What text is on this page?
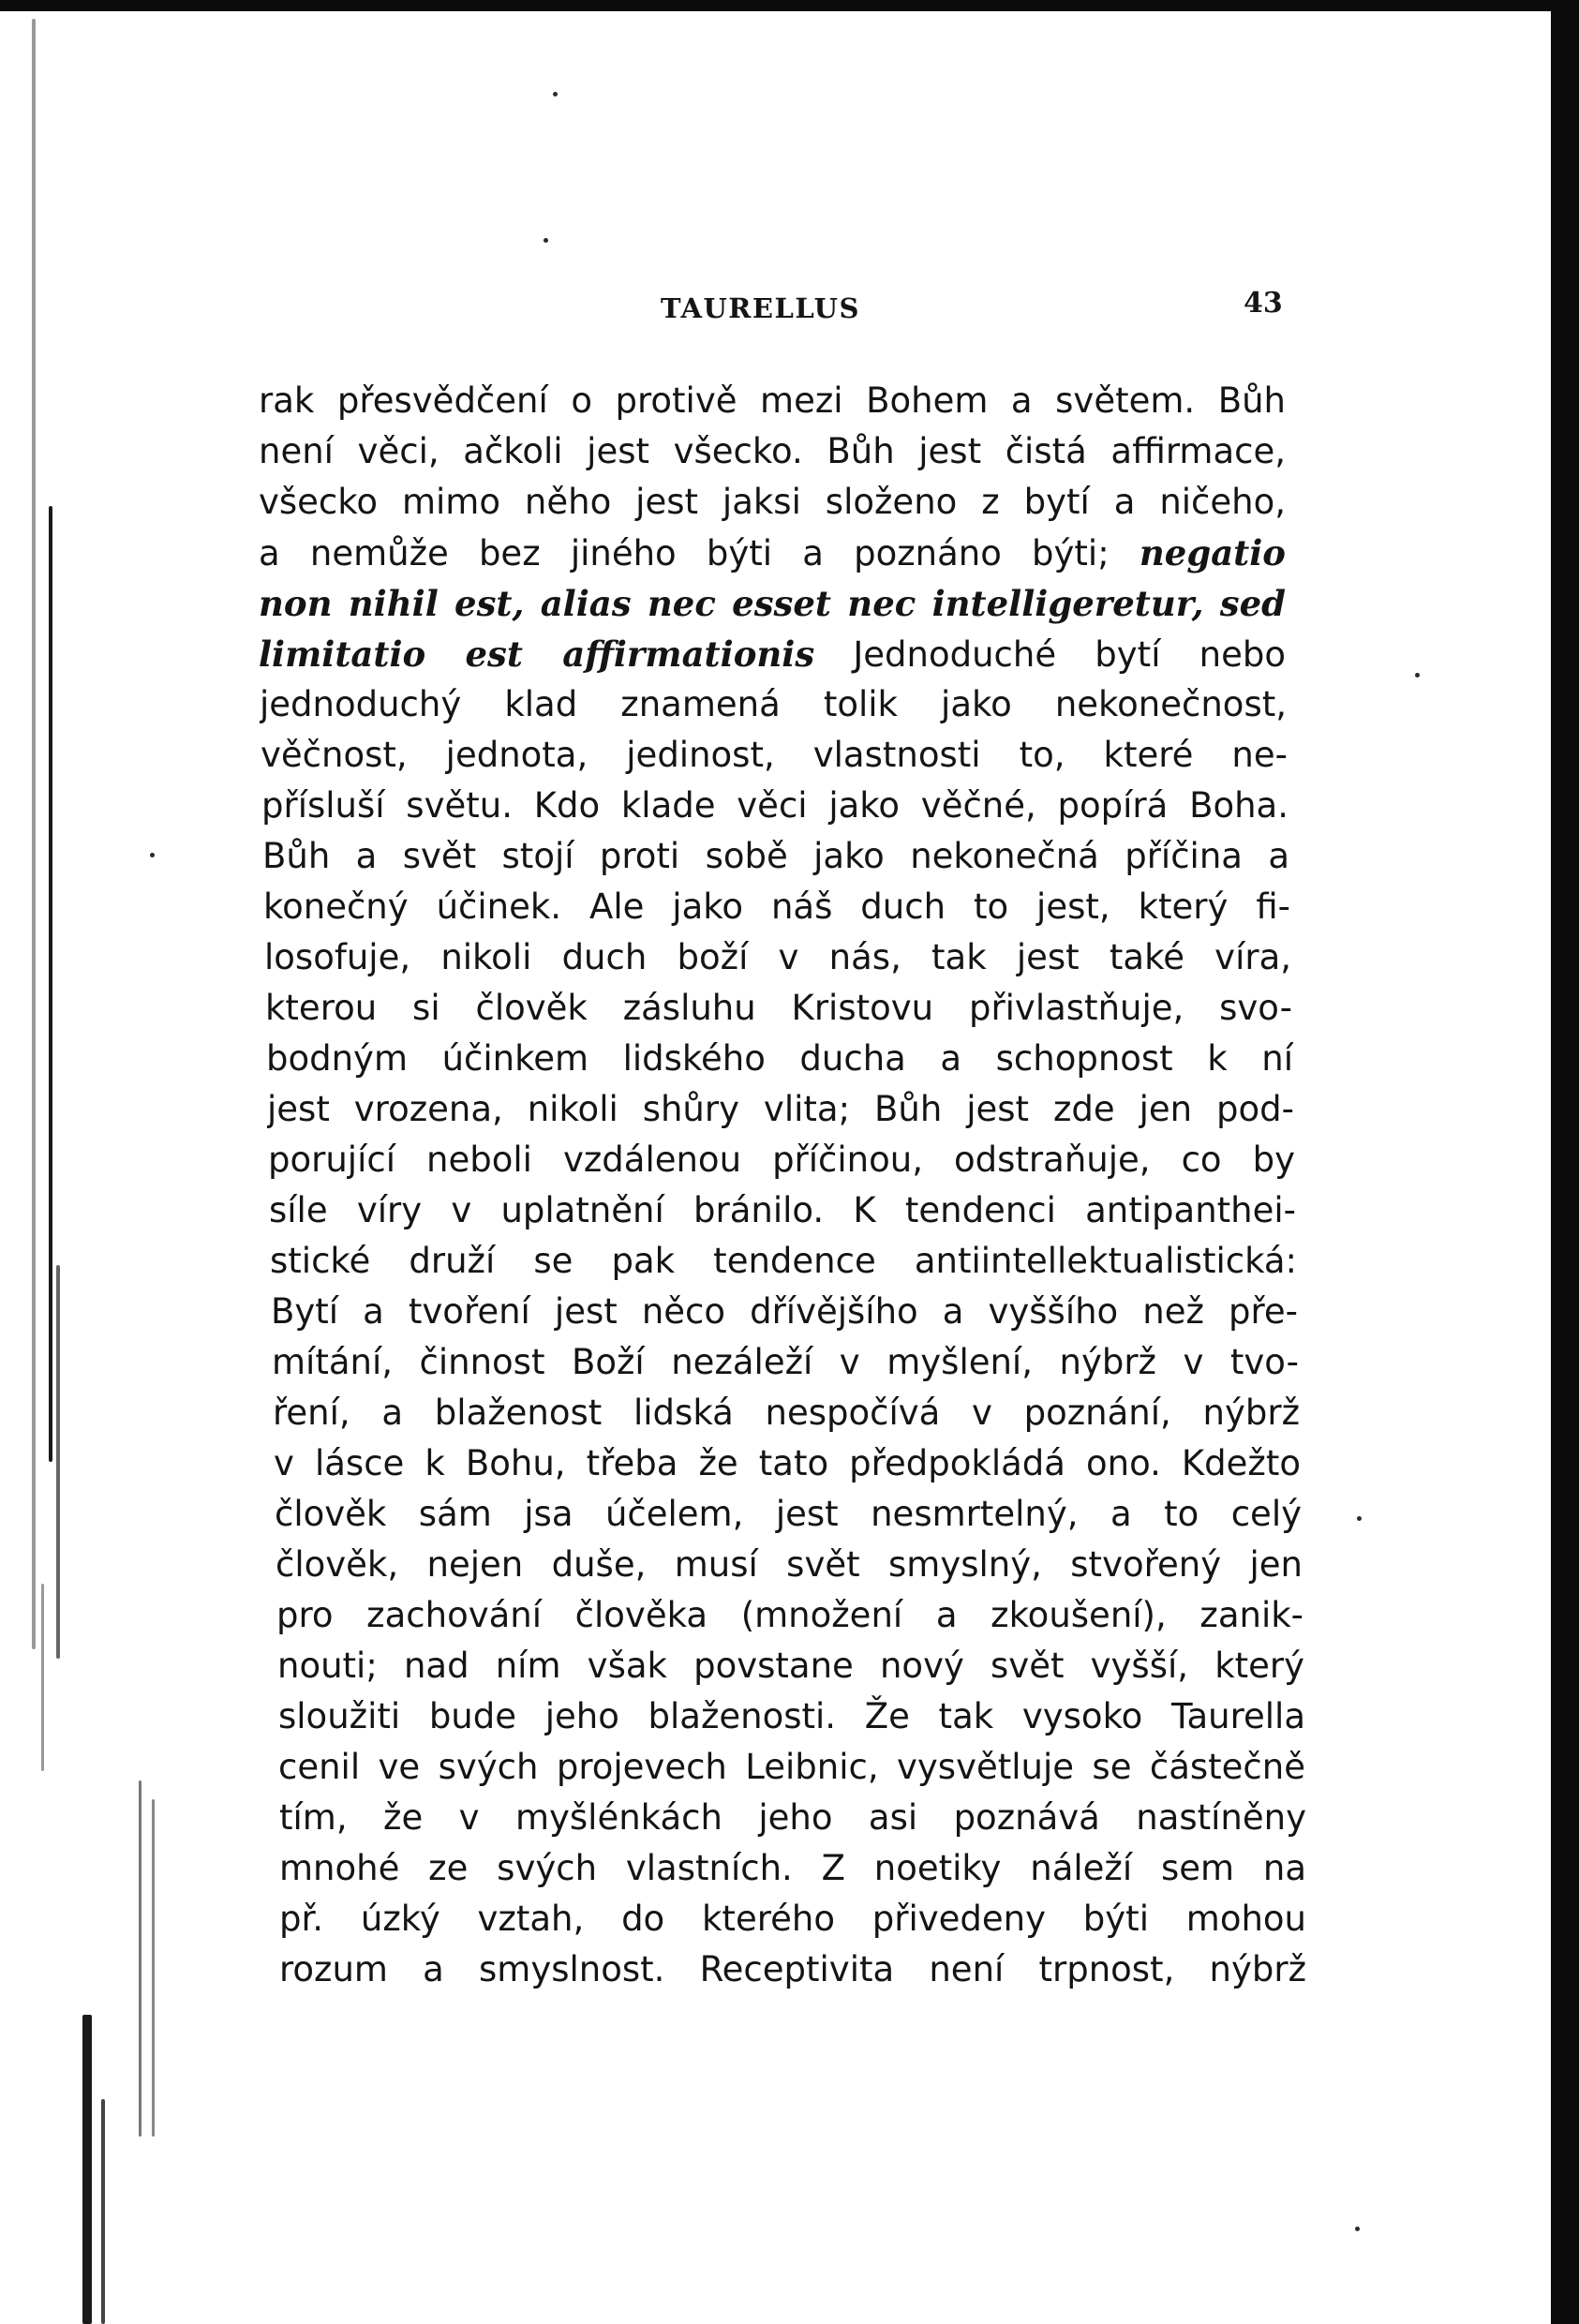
TAURELLUS	43
rak přesvědčení o protivě mezi Bohem a světem. Bůh
není věci, ačkoli jest všecko. Bůh jest čistá affirmace,
všecko mimo něho jest jaksi složeno z bytí a ničeho,
a nemůže bez jiného býti a poznáno býti; negatio
non nihil est, alias nec esset nec intelligeretur, sed
limitatio est affirmationis Jednoduché bytí nebo
jednoduchý klad znamená tolik jako nekonečnost,
věčnost, jednota, jedinost, vlastnosti to, které ne-
přísluší světu. Kdo klade věci jako věčné, popírá Boha.
Bůh a svět stojí proti sobě jako nekonečná příčina a
konečný účinek. Ale jako náš duch to jest, který fi-
losofuje, nikoli duch boží v nás, tak jest také víra,
kterou si člověk zásluhu Kristovu přivlastňuje, svo-
bodným účinkem lidského ducha a schopnost k ní
jest vrozena, nikoli shůry vlita; Bůh jest zde jen pod-
porující neboli vzdálenou příčinou, odstraňuje, co by
síle víry v uplatnění bránilo. K tendenci antipanthei-
stické druží se pak tendence antiintellektualistická:
Bytí a tvoření jest něco dřívějšího a vyššího než pře-
mítání, činnost Boží nezáleží v myšlení, nýbrž v tvo-
ření, a blaženost lidská nespočívá v poznání, nýbrž
v lásce k Bohu, třeba že tato předpokládá ono. Kdežto
člověk sám jsa účelem, jest nesmrtelný, a to celý
člověk, nejen duše, musí svět smyslný, stvořený jen
pro zachování člověka (množení a zkoušení), zanik-
nouti; nad ním však povstane nový svět vyšší, který
sloužiti bude jeho blaženosti. Že tak vysoko Taurella
cenil ve svých projevech Leibnic, vysvětluje se částečně
tím, že v myšlénkách jeho asi poznává nastíněny
mnohé ze svých vlastních. Z noetiky náleží sem na
př. úzký vztah, do kterého přivedeny býti mohou
rozum a smyslnost. Receptivita není trpnost, nýbrž
